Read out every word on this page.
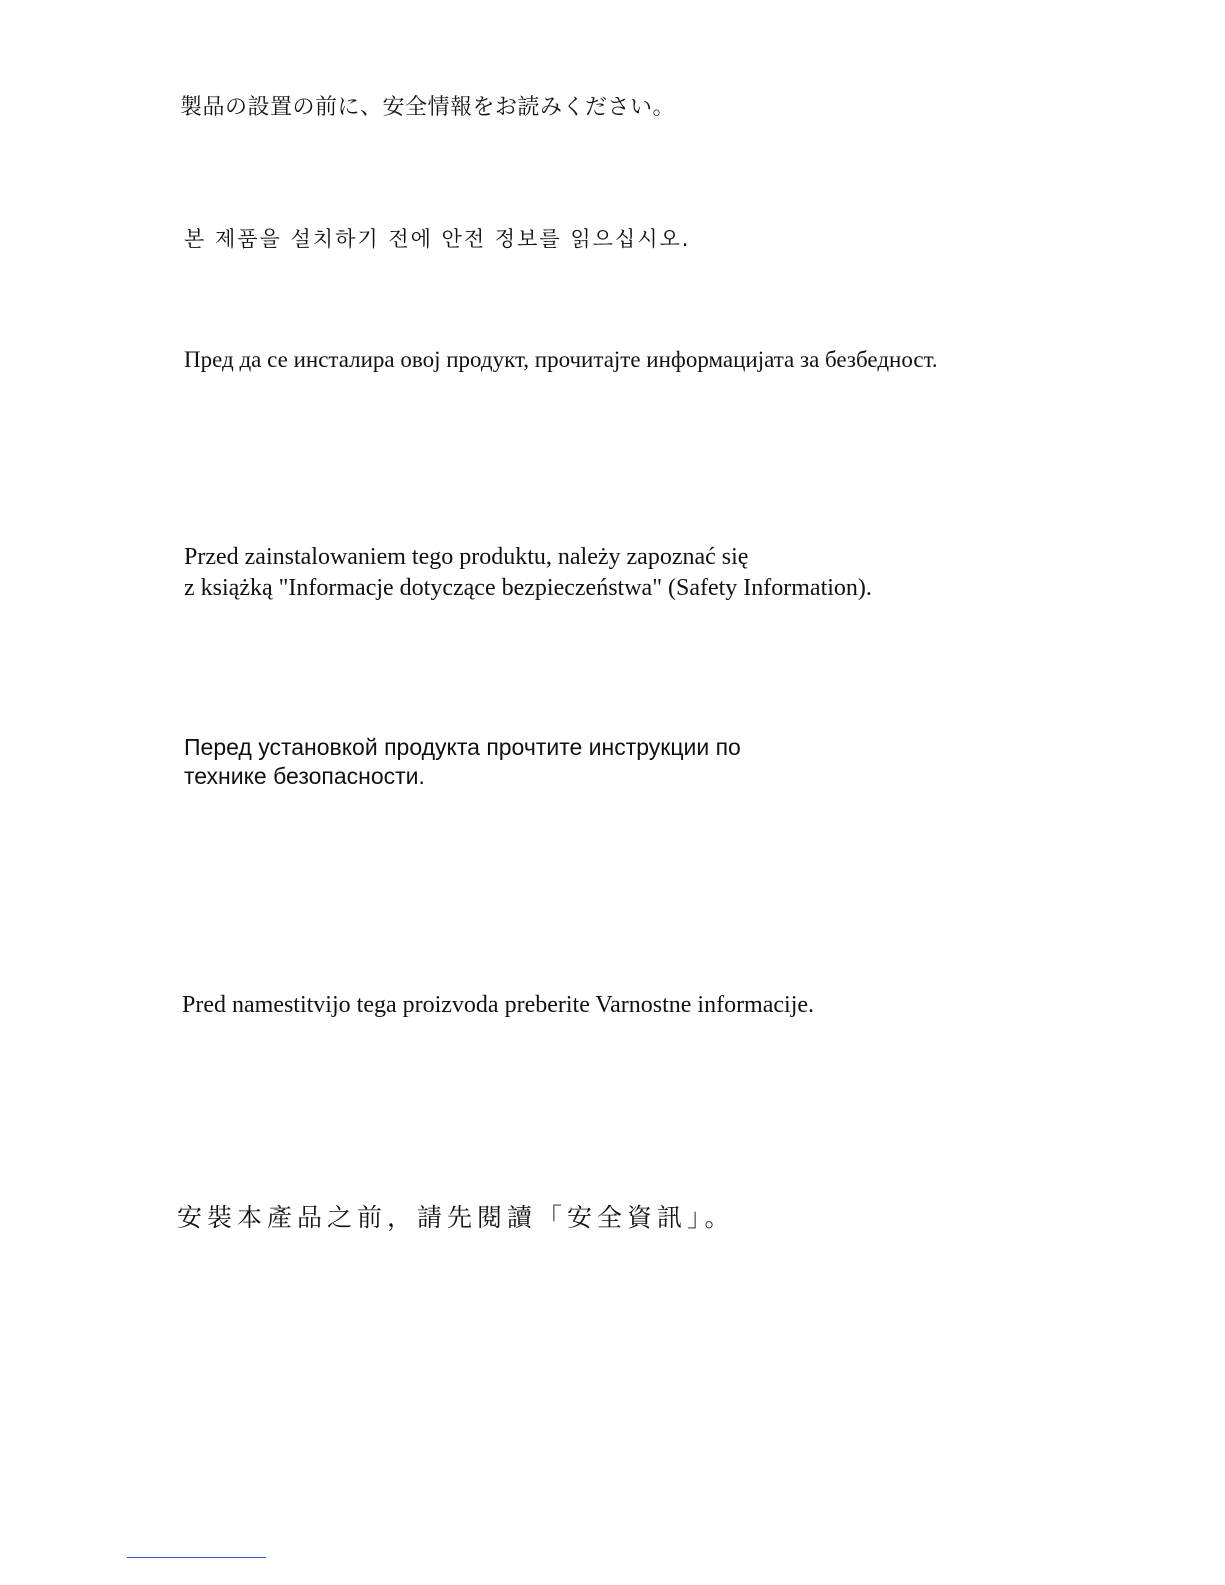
製品の設置の前に、安全情報をお読みください。

본 제품을 설치하기 전에 안전 정보를 읽으십시오.

Пред да се инсталира овој продукт, прочитајте информацијата за безбедност.

Przed zainstalowaniem tego produktu, należy zapoznać się
z książką "Informacje dotyczące bezpieczeństwa" (Safety Information).

Перед установкой продукта прочтите инструкции по
технике безопасности.

Pred namestitvijo tega proizvoda preberite Varnostne informacije.

安裝本產品之前，請先閱讀「安全資訊」。
